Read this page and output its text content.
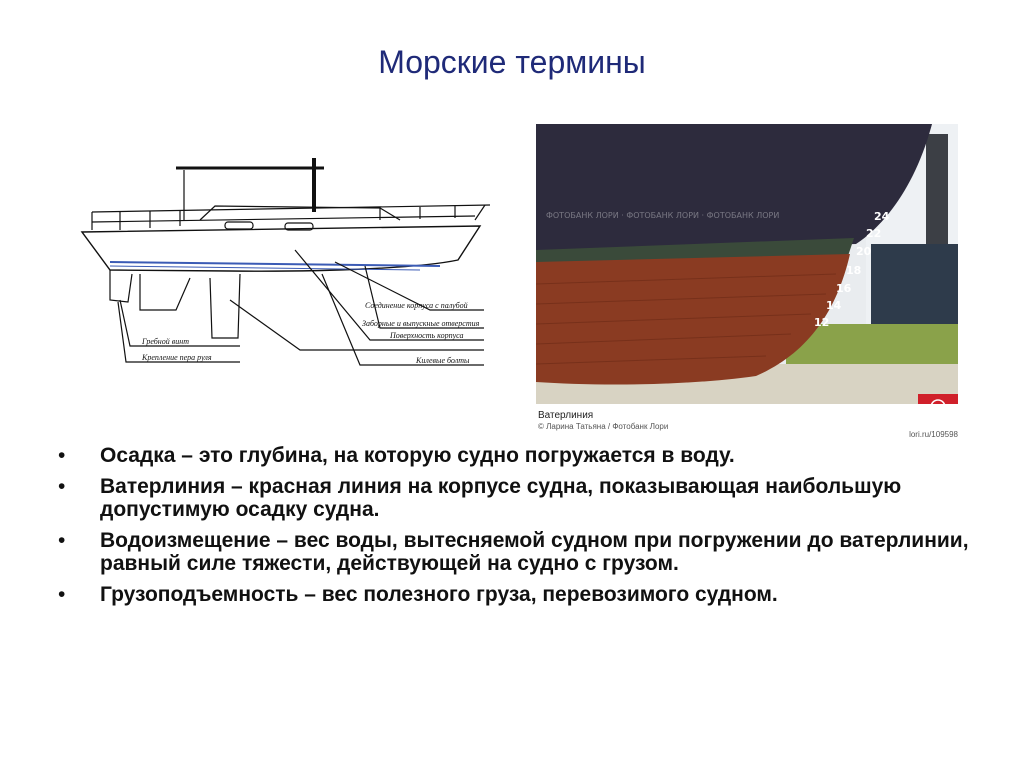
Морские термины
Соединение корпуса с палубой
Заборные и выпускные отверстия
Поверхность корпуса
Гребной винт
Крепление пера руля	Килевые болты
24
22
20
18
16
14
12
ФОТОБАНК ЛОРИ · ФОТОБАНК ЛОРИ · ФОТОБАНК ЛОРИ
Ватерлиния
© Ларина Татьяна / Фотобанк Лори
lori.ru/109598
• Осадка – это глубина, на которую судно погружается в воду.
• Ватерлиния – красная линия на корпусе судна, показывающая наибольшую допустимую осадку судна.
• Водоизмещение – вес воды, вытесняемой судном при погружении до ватерлинии, равный силе тяжести, действующей на судно с грузом.
• Грузоподъемность – вес полезного груза, перевозимого судном.
